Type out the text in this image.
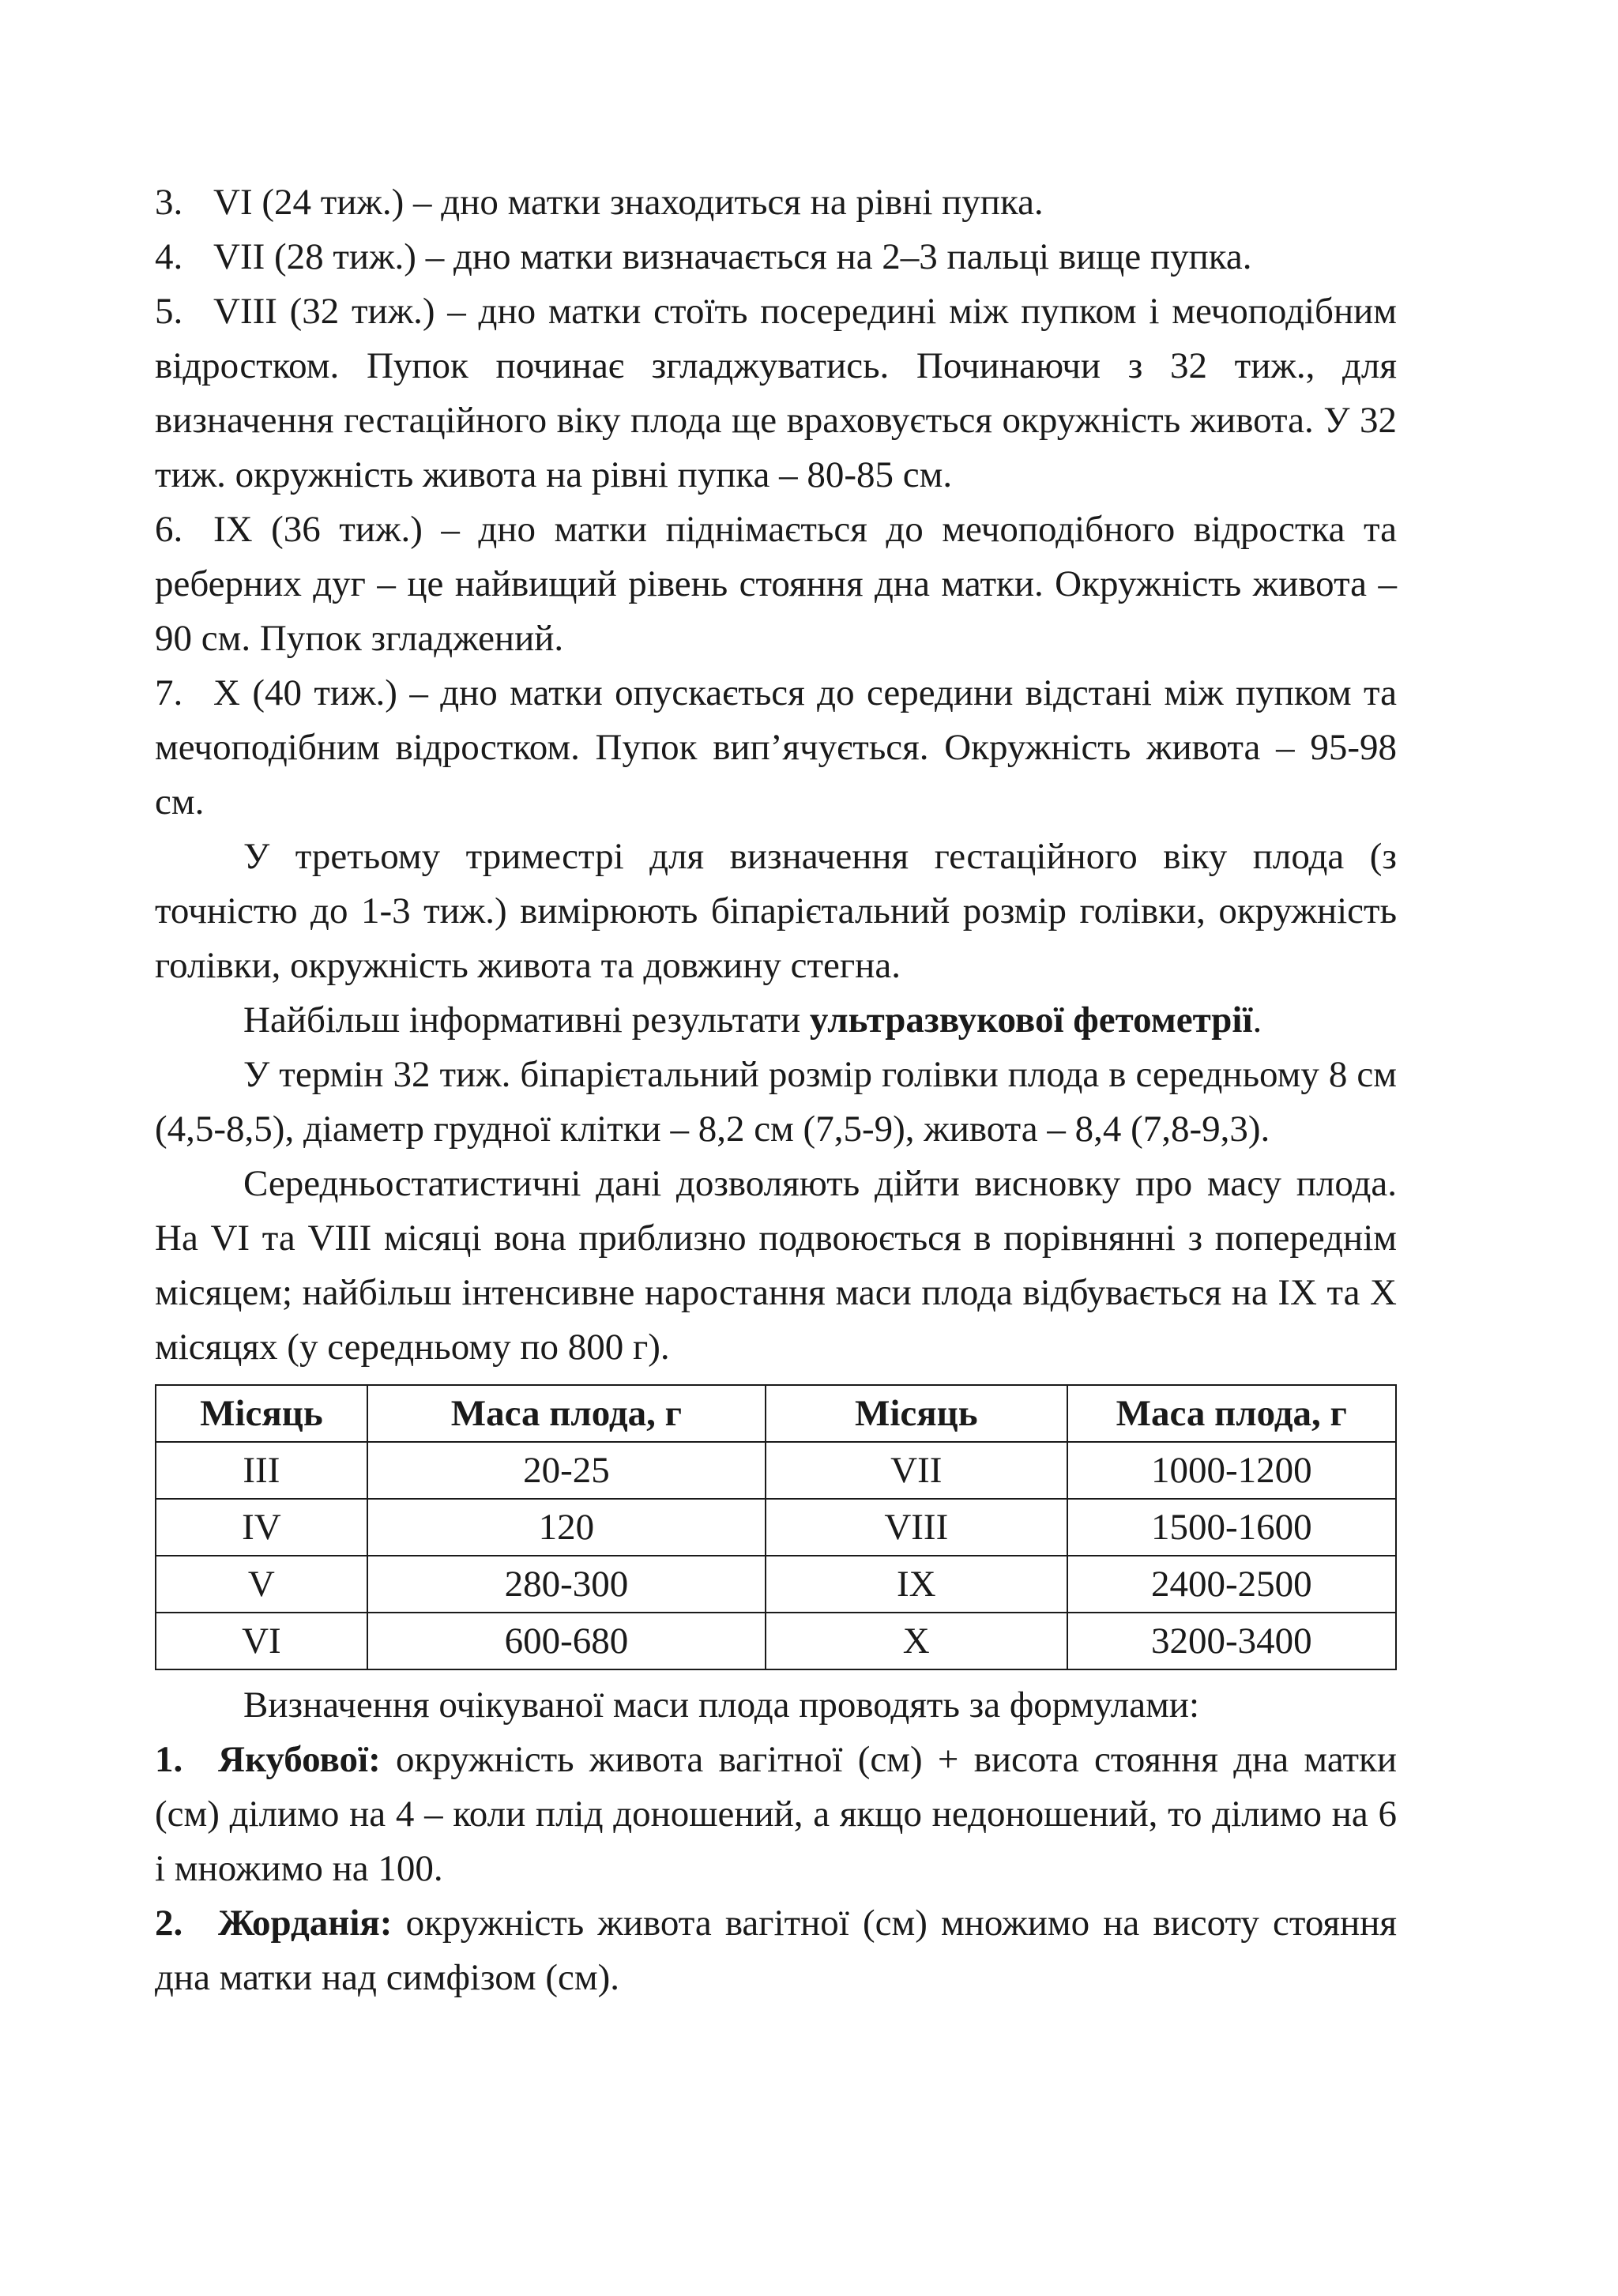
3. VI (24 тиж.) – дно матки знаходиться на рівні пупка.

4. VII (28 тиж.) – дно матки визначається на 2–3 пальці вище пупка.

5. VIII (32 тиж.) – дно матки стоїть посередині між пупком і мечоподібним відростком. Пупок починає згладжуватись. Починаючи з 32 тиж., для визначення гестаційного віку плода ще враховується окружність живота. У 32 тиж. окружність живота на рівні пупка – 80-85 см.

6. IX (36 тиж.) – дно матки піднімається до мечоподібного відростка та реберних дуг – це найвищий рівень стояння дна матки. Окружність живота – 90 см. Пупок згладжений.

7. X (40 тиж.) – дно матки опускається до середини відстані між пупком та мечоподібним відростком. Пупок вип’ячується. Окружність живота – 95-98 см.

У третьому триместрі для визначення гестаційного віку плода (з точністю до 1-3 тиж.) вимірюють біпарієтальний розмір голівки, окружність голівки, окружність живота та довжину стегна.

Найбільш інформативні результати ультразвукової фетометрії.

У термін 32 тиж. біпарієтальний розмір голівки плода в середньому 8 см (4,5-8,5), діаметр грудної клітки – 8,2 см (7,5-9), живота – 8,4 (7,8-9,3).

Середньостатистичні дані дозволяють дійти висновку про масу плода. На VI та VIII місяці вона приблизно подвоюється в порівнянні з попереднім місяцем; найбільш інтенсивне наростання маси плода відбувається на IX та X місяцях (у середньому по 800 г).

Місяць	Маса плода, г	Місяць	Маса плода, г
III	20-25	VII	1000-1200
IV	120	VIII	1500-1600
V	280-300	IX	2400-2500
VI	600-680	X	3200-3400

Визначення очікуваної маси плода проводять за формулами:

1. Якубової: окружність живота вагітної (см) + висота стояння дна матки (см) ділимо на 4 – коли плід доношений, а якщо недоношений, то ділимо на 6 і множимо на 100.

2. Жорданія: окружність живота вагітної (см) множимо на висоту стояння дна матки над симфізом (см).
